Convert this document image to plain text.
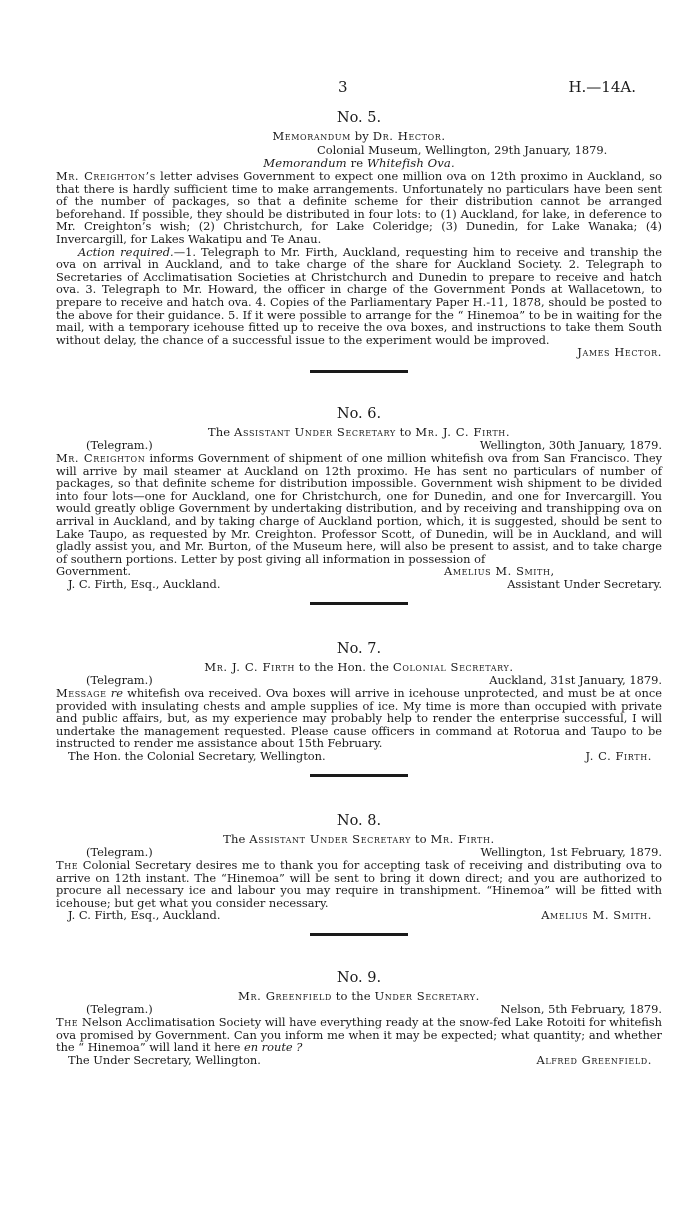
3	H.—14A.
No. 5.
Memorandum by Dr. Hector.
Colonial Museum, Wellington, 29th January, 1879.
Memorandum re Whitefish Ova.

Mr. Creighton’s letter advises Government to expect one million ova on 12th proximo in Auckland, so that there is hardly sufficient time to make arrangements. Unfortunately no particulars have been sent of the number of packages, so that a definite scheme for their distribution cannot be arranged beforehand. If possible, they should be distributed in four lots: to (1) Auckland, for lake, in deference to Mr. Creighton’s wish; (2) Christchurch, for Lake Coleridge; (3) Dunedin, for Lake Wanaka; (4) Invercargill, for Lakes Wakatipu and Te Anau.

Action required.—1. Telegraph to Mr. Firth, Auckland, requesting him to receive and tranship the ova on arrival in Auckland, and to take charge of the share for Auckland Society. 2. Telegraph to Secretaries of Acclimatisation Societies at Christchurch and Dunedin to prepare to receive and hatch ova. 3. Telegraph to Mr. Howard, the officer in charge of the Government Ponds at Wallacetown, to prepare to receive and hatch ova. 4. Copies of the Parliamentary Paper H.-11, 1878, should be posted to the above for their guidance. 5. If it were possible to arrange for the “ Hinemoa” to be in waiting for the mail, with a temporary icehouse fitted up to receive the ova boxes, and instructions to take them South without delay, the chance of a successful issue to the experiment would be improved.

James Hector.
No. 6.
The Assistant Under Secretary to Mr. J. C. Firth.
(Telegram.)	Wellington, 30th January, 1879.

Mr. Creighton informs Government of shipment of one million whitefish ova from San Francisco. They will arrive by mail steamer at Auckland on 12th proximo. He has sent no particulars of number of packages, so that definite scheme for distribution impossible. Government wish shipment to be divided into four lots—one for Auckland, one for Christchurch, one for Dunedin, and one for Invercargill. You would greatly oblige Government by undertaking distribution, and by receiving and transhipping ova on arrival in Auckland, and by taking charge of Auckland portion, which, it is suggested, should be sent to Lake Taupo, as requested by Mr. Creighton. Professor Scott, of Dunedin, will be in Auckland, and will gladly assist you, and Mr. Burton, of the Museum here, will also be present to assist, and to take charge of southern portions. Letter by post giving all information in possession of

Government.	Amelius M. Smith,
J. C. Firth, Esq., Auckland.	Assistant Under Secretary.
No. 7.
Mr. J. C. Firth to the Hon. the Colonial Secretary.
(Telegram.)	Auckland, 31st January, 1879.

Message re whitefish ova received. Ova boxes will arrive in icehouse unprotected, and must be at once provided with insulating chests and ample supplies of ice. My time is more than occupied with private and public affairs, but, as my experience may probably help to render the enterprise successful, I will undertake the management requested. Please cause officers in command at Rotorua and Taupo to be instructed to render me assistance about 15th February.

The Hon. the Colonial Secretary, Wellington.	J. C. Firth.
No. 8.
The Assistant Under Secretary to Mr. Firth.
(Telegram.)	Wellington, 1st February, 1879.

The Colonial Secretary desires me to thank you for accepting task of receiving and distributing ova to arrive on 12th instant. The “Hinemoa” will be sent to bring it down direct; and you are authorized to procure all necessary ice and labour you may require in transhipment. “Hinemoa” will be fitted with icehouse; but get what you consider necessary.

J. C. Firth, Esq., Auckland.	Amelius M. Smith.
No. 9.
Mr. Greenfield to the Under Secretary.
(Telegram.)	Nelson, 5th February, 1879.

The Nelson Acclimatisation Society will have everything ready at the snow-fed Lake Rotoiti for whitefish ova promised by Government. Can you inform me when it may be expected; what quantity; and whether the “ Hinemoa” will land it here en route ?

The Under Secretary, Wellington.	Alfred Greenfield.
